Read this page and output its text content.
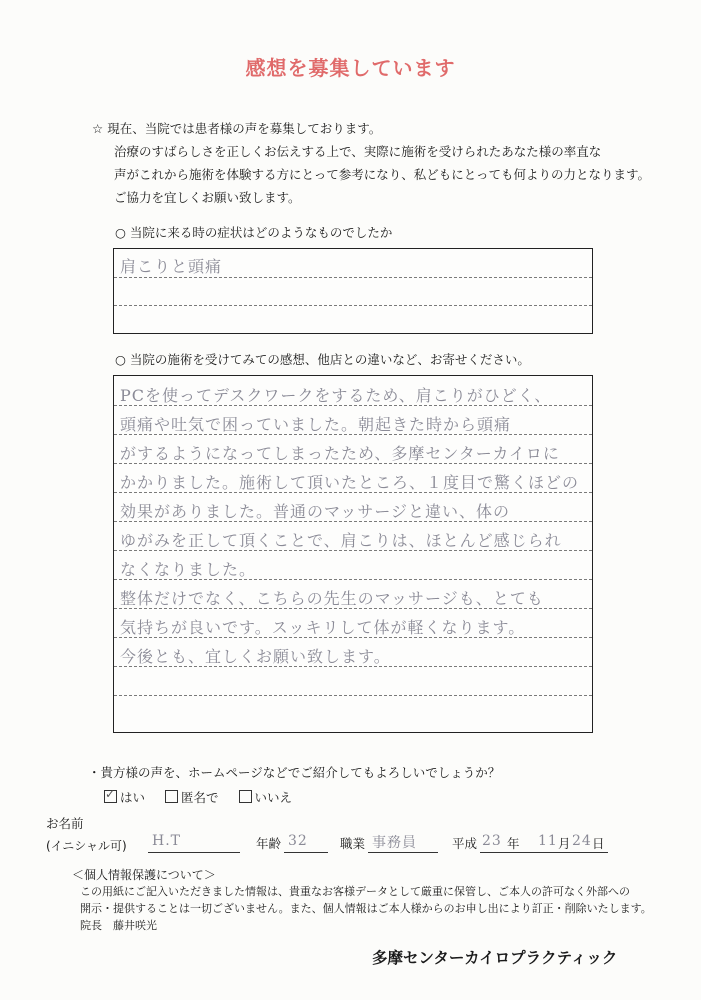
感想を募集しています
☆ 現在、当院では患者様の声を募集しております。
治療のすばらしさを正しくお伝えする上で、実際に施術を受けられたあなた様の率直な
声がこれから施術を体験する方にとって参考になり、私どもにとっても何よりの力となります。
ご協力を宜しくお願い致します。
○ 当院に来る時の症状はどのようなものでしたか
肩こりと頭痛
○ 当院の施術を受けてみての感想、他店との違いなど、お寄せください。
PCを使ってデスクワークをするため、肩こりがひどく、
頭痛や吐気で困っていました。朝起きた時から頭痛
がするようになってしまったため、多摩センターカイロに
かかりました。施術して頂いたところ、１度目で驚くほどの
効果がありました。普通のマッサージと違い、体の
ゆがみを正して頂くことで、肩こりは、ほとんど感じられ
なくなりました。
整体だけでなく、こちらの先生のマッサージも、とても
気持ちが良いです。スッキリして体が軽くなります。
今後とも、宜しくお願い致します。
・貴方様の声を、ホームページなどでご紹介してもよろしいでしょうか？
✓はい	匿名で	いいえ
お名前
(イニシャル可) H.T	年齢 32	職業 事務員	平成 23 年 11 月 24 日
＜個人情報保護について＞
この用紙にご記入いただきました情報は、貴重なお客様データとして厳重に保管し、ご本人の許可なく外部への
開示・提供することは一切ございません。また、個人情報はご本人様からのお申し出により訂正・削除いたします。
院長　藤井咲光
多摩センターカイロプラクティック
